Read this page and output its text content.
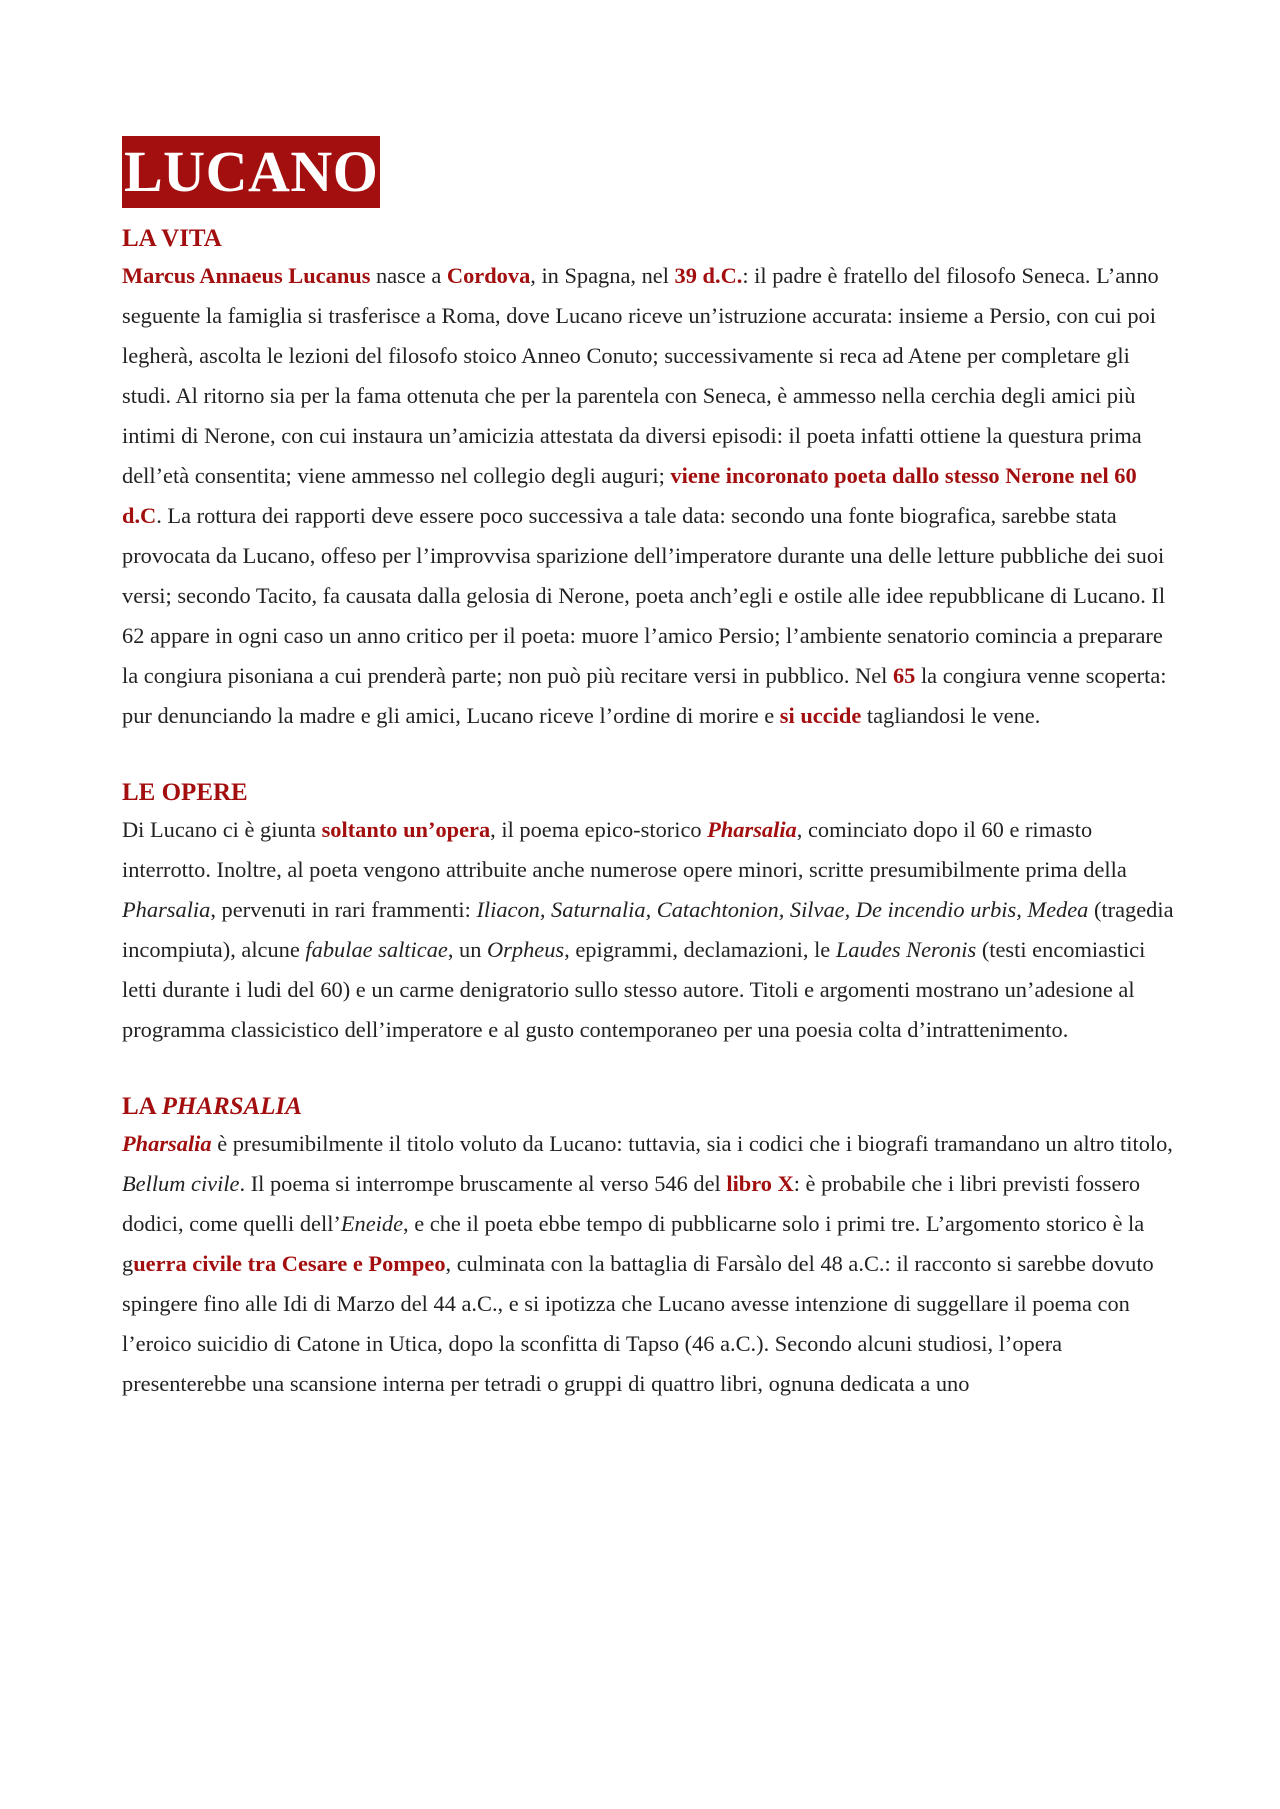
LUCANO
LA VITA

Marcus Annaeus Lucanus nasce a Cordova, in Spagna, nel 39 d.C.: il padre è fratello del filosofo Seneca. L’anno seguente la famiglia si trasferisce a Roma, dove Lucano riceve un’istruzione accurata: insieme a Persio, con cui poi legherà, ascolta le lezioni del filosofo stoico Anneo Conuto; successivamente si reca ad Atene per completare gli studi. Al ritorno sia per la fama ottenuta che per la parentela con Seneca, è ammesso nella cerchia degli amici più intimi di Nerone, con cui instaura un’amicizia attestata da diversi episodi: il poeta infatti ottiene la questura prima dell’età consentita; viene ammesso nel collegio degli auguri; viene incoronato poeta dallo stesso Nerone nel 60 d.C. La rottura dei rapporti deve essere poco successiva a tale data: secondo una fonte biografica, sarebbe stata provocata da Lucano, offeso per l’improvvisa sparizione dell’imperatore durante una delle letture pubbliche dei suoi versi; secondo Tacito, fa causata dalla gelosia di Nerone, poeta anch’egli e ostile alle idee repubblicane di Lucano. Il 62 appare in ogni caso un anno critico per il poeta: muore l’amico Persio; l’ambiente senatorio comincia a preparare la congiura pisoniana a cui prenderà parte; non può più recitare versi in pubblico. Nel 65 la congiura venne scoperta: pur denunciando la madre e gli amici, Lucano riceve l’ordine di morire e si uccide tagliandosi le vene.

LE OPERE

Di Lucano ci è giunta soltanto un’opera, il poema epico-storico Pharsalia, cominciato dopo il 60 e rimasto interrotto. Inoltre, al poeta vengono attribuite anche numerose opere minori, scritte presumibilmente prima della Pharsalia, pervenuti in rari frammenti: Iliacon, Saturnalia, Catachtonion, Silvae, De incendio urbis, Medea (tragedia incompiuta), alcune fabulae salticae, un Orpheus, epigrammi, declamazioni, le Laudes Neronis (testi encomiastici letti durante i ludi del 60) e un carme denigratorio sullo stesso autore. Titoli e argomenti mostrano un’adesione al programma classicistico dell’imperatore e al gusto contemporaneo per una poesia colta d’intrattenimento.

LA PHARSALIA

Pharsalia è presumibilmente il titolo voluto da Lucano: tuttavia, sia i codici che i biografi tramandano un altro titolo, Bellum civile. Il poema si interrompe bruscamente al verso 546 del libro X: è probabile che i libri previsti fossero dodici, come quelli dell’Eneide, e che il poeta ebbe tempo di pubblicarne solo i primi tre. L’argomento storico è la guerra civile tra Cesare e Pompeo, culminata con la battaglia di Farsàlo del 48 a.C.: il racconto si sarebbe dovuto spingere fino alle Idi di Marzo del 44 a.C., e si ipotizza che Lucano avesse intenzione di suggellare il poema con l’eroico suicidio di Catone in Utica, dopo la sconfitta di Tapso (46 a.C.). Secondo alcuni studiosi, l’opera presenterebbe una scansione interna per tetradi o gruppi di quattro libri, ognuna dedicata a uno
